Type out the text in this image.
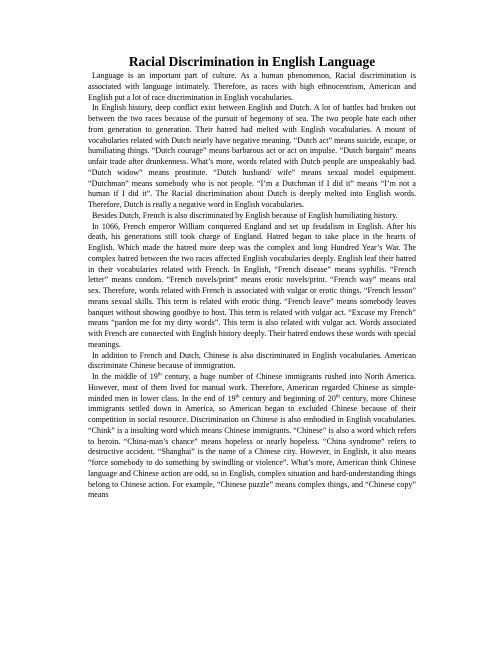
Racial Discrimination in English Language

Language is an important part of culture. As a human phenomenon, Racial discrimination is associated with language intimately. Therefore, as races with high ethnocentrism, American and English put a lot of race discrimination in English vocabularies.

In English history, deep conflict exist between English and Dutch. A lot of battles had broken out between the two races because of the pursuit of hegemony of sea. The two people hate each other from generation to generation. Their hatred had melted with English vocabularies. A mount of vocabularies related with Dutch nearly have negative meaning. “Dutch act” means suicide, escape, or humiliating things. “Dutch courage” means barbarous act or act on impulse. “Dutch bargain” means unfair trade after drunkenness. What’s more, words related with Dutch people are unspeakably bad. “Dutch widow” means prostitute. “Dutch husband/ wife” means sexual model equipment. “Dutchman” means somebody who is not people. “I’m a Dutchman if I did it” means “I’m not a human if I did it”. The Racial discrimination about Dutch is deeply melted into English words. Therefore, Dutch is really a negative word in English vocabularies.

Besides Dutch, French is also discriminated by English because of English humiliating history.

In 1066, French emperor William conquered England and set up feudalism in English. After his death, his generations still took charge of England. Hatred began to take place in the hearts of English. Which made the hatred more deep was the complex and long Hundred Year’s War. The complex hatred between the two races affected English vocabularies deeply. English leaf their hatred in their vocabularies related with French. In English, “French disease” means syphilis. “French letter” means condom. “French novels/print” means erotic novels/print. “French way” means oral sex. Therefore, words related with French is associated with vulgar or erotic things. “French lesson” means sexual skills. This term is related with erotic thing. “French leave” means somebody leaves banquet without showing goodbye to host. This term is related with vulgar act. “Excuse my French” means “pardon me for my dirty words”. This term is also related with vulgar act. Words associated with French are connected with English history deeply. Their hatred endows these words with special meanings.

In addition to French and Dutch, Chinese is also discriminated in English vocabularies. American discriminate Chinese because of immigration.

In the middle of 19th century, a huge number of Chinese immigrants rushed into North America. However, most of them lived for manual work. Therefore, American regarded Chinese as simple-minded men in lower class. In the end of 19th century and beginning of 20th century, more Chinese immigrants settled down in America, so American began to excluded Chinese because of their competition in social resource. Discrimination on Chinese is also embodied in English vocabularies. “Chink” is a insulting word which means Chinese immigrants. “Chinese” is also a word which refers to heroin. “China-man’s chance” means hopeless or nearly hopeless. “China syndrome” refers to destructive accident. “Shanghai” is the name of a Chinese city. However, in English, it also means “force somebody to do something by swindling or violence”. What’s more, American think Chinese language and Chinese action are odd, so in English, complex situation and hard-understanding things belong to Chinese action. For example, “Chinese puzzle” means complex things, and “Chinese copy” means
